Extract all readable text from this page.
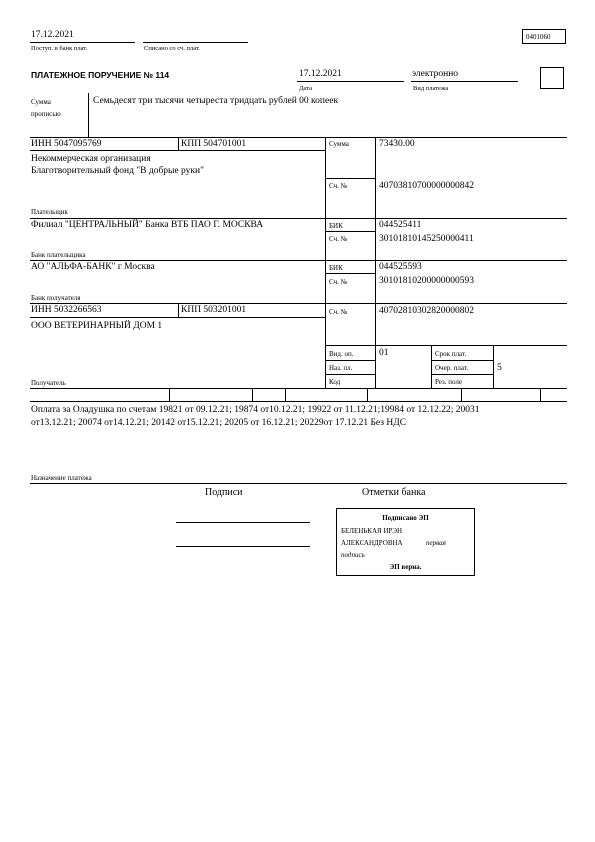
17.12.2021
Поступ. в банк плат.	Списано со сч. плат.
0401060
ПЛАТЕЖНОЕ ПОРУЧЕНИЕ № 114	17.12.2021
Дата
электронно
Вид платежа
Сумма
прописью
Семьдесят три тысячи четыреста тридцать рублей 00 копеек
ИНН 5047095769	КПП 504701001
Некоммерческая организация
Благотворительный фонд "В добрые руки"
Плательщик
Сумма	73430.00
Сч. №	40703810700000000842
Филиал "ЦЕНТРАЛЬНЫЙ" Банка ВТБ ПАО Г. МОСКВА
Банк плательщика
БИК	044525411
Сч. №	30101810145250000411
АО "АЛЬФА-БАНК" г Москва
Банк получателя
БИК	044525593
Сч. №	30101810200000000593
ИНН 5032266563	КПП 503201001
ООО ВЕТЕРИНАРНЫЙ ДОМ 1
Сч. №	40702810302820000802
Получатель
Вид. оп.	01
Наз. пл.
Код
Срок плат.
Очер. плат.	5
Рез. поле
Оплата за Оладушка по счетам 19821 от 09.12.21; 19874 от10.12.21; 19922 от 11.12.21;19984 от 12.12.22; 20031
от13.12.21; 20074 от14.12.21; 20142 от15.12.21; 20205 от 16.12.21; 20229от 17.12.21 Без НДС
Назначение платежа
Подписи	Отметки банка
Подписано ЭП
БЕЛЕНЬКАЯ ИРЭН
АЛЕКСАНДРОВНА	первая
подпись
ЭП верна.
